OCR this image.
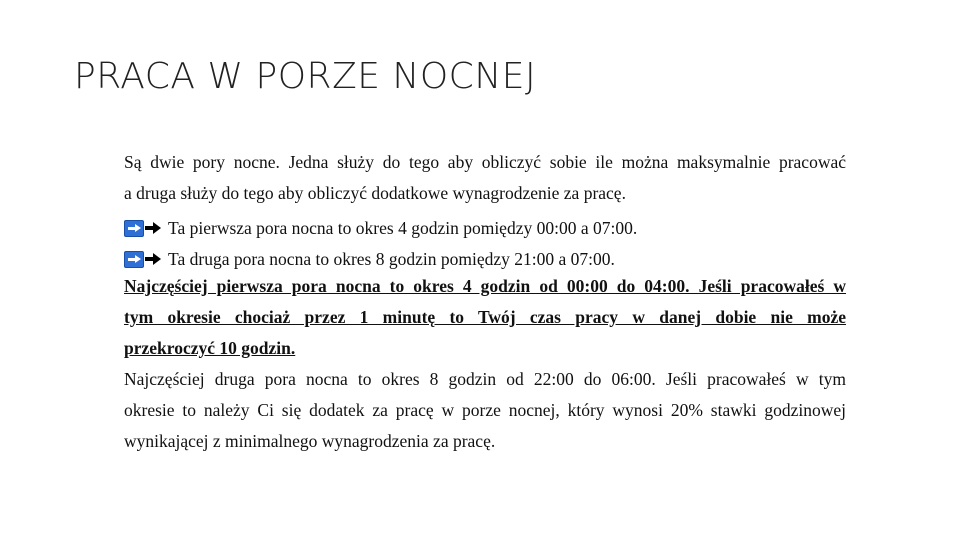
PRACA W PORZE NOCNEJ
Są dwie pory nocne. Jedna służy do tego aby obliczyć sobie ile można maksymalnie pracować
a druga służy do tego aby obliczyć dodatkowe wynagrodzenie za pracę.
Ta pierwsza pora nocna to okres 4 godzin pomiędzy 00:00 a 07:00.
Ta druga pora nocna to okres 8 godzin pomiędzy 21:00 a 07:00.
Najczęściej pierwsza pora nocna to okres 4 godzin od 00:00 do 04:00. Jeśli pracowałeś w
tym okresie chociaż przez 1 minutę to Twój czas pracy w danej dobie nie może
przekroczyć 10 godzin.
Najczęściej druga pora nocna to okres 8 godzin od 22:00 do 06:00. Jeśli pracowałeś w tym
okresie to należy Ci się dodatek za pracę w porze nocnej, który wynosi 20% stawki godzinowej
wynikającej z minimalnego wynagrodzenia za pracę.
